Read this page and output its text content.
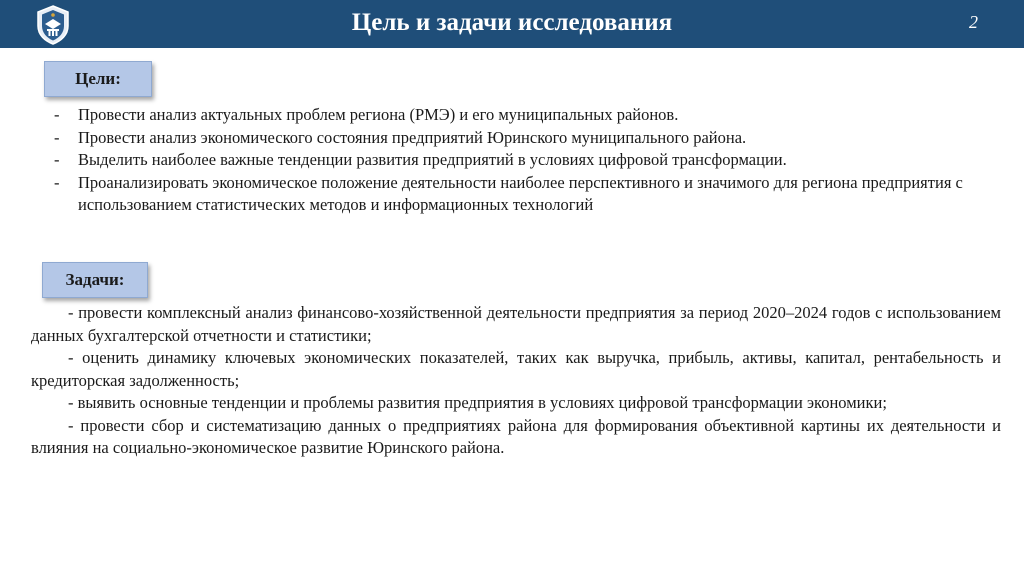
Цель и задачи исследования	2
Цели:
- Провести анализ актуальных проблем региона (РМЭ) и его муниципальных районов.
- Провести анализ экономического состояния предприятий Юринского муниципального района.
- Выделить наиболее важные тенденции развития предприятий в условиях цифровой трансформации.
- Проанализировать экономическое положение деятельности наиболее перспективного и значимого для региона предприятия с использованием статистических методов и информационных технологий
Задачи:

- провести комплексный анализ финансово-хозяйственной деятельности предприятия за период 2020–2024 годов с использованием данных бухгалтерской отчетности и статистики;

- оценить динамику ключевых экономических показателей, таких как выручка, прибыль, активы, капитал, рентабельность и кредиторская задолженность;

- выявить основные тенденции и проблемы развития предприятия в условиях цифровой трансформации экономики;

- провести сбор и систематизацию данных о предприятиях района для формирования объективной картины их деятельности и влияния на социально-экономическое развитие Юринского района.
